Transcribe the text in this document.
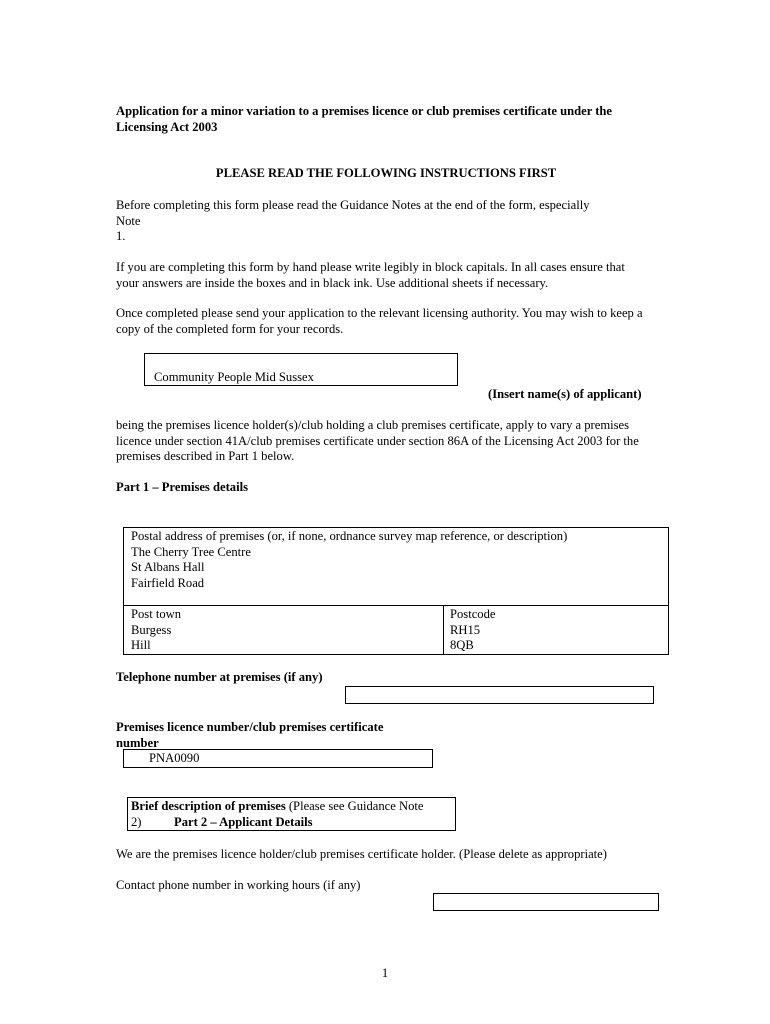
Application for a minor variation to a premises licence or club premises certificate under the Licensing Act 2003
PLEASE READ THE FOLLOWING INSTRUCTIONS FIRST
Before completing this form please read the Guidance Notes at the end of the form, especially
Note
1.
If you are completing this form by hand please write legibly in block capitals. In all cases ensure that your answers are inside the boxes and in black ink. Use additional sheets if necessary.
Once completed please send your application to the relevant licensing authority. You may wish to keep a copy of the completed form for your records.
Community People Mid Sussex
(Insert name(s) of applicant)
being the premises licence holder(s)/club holding a club premises certificate, apply to vary a premises licence under section 41A/club premises certificate under section 86A of the Licensing Act 2003 for the premises described in Part 1 below.
Part 1 – Premises details
Postal address of premises (or, if none, ordnance survey map reference, or description)
The Cherry Tree Centre
St Albans Hall
Fairfield Road
Post town
Burgess
Hill
Postcode
RH15
8QB
Telephone number at premises (if any)
Premises licence number/club premises certificate
number
PNA0090
Brief description of premises (Please see Guidance Note
2)	Part 2 – Applicant Details
We are the premises licence holder/club premises certificate holder. (Please delete as appropriate)
Contact phone number in working hours (if any)
1
